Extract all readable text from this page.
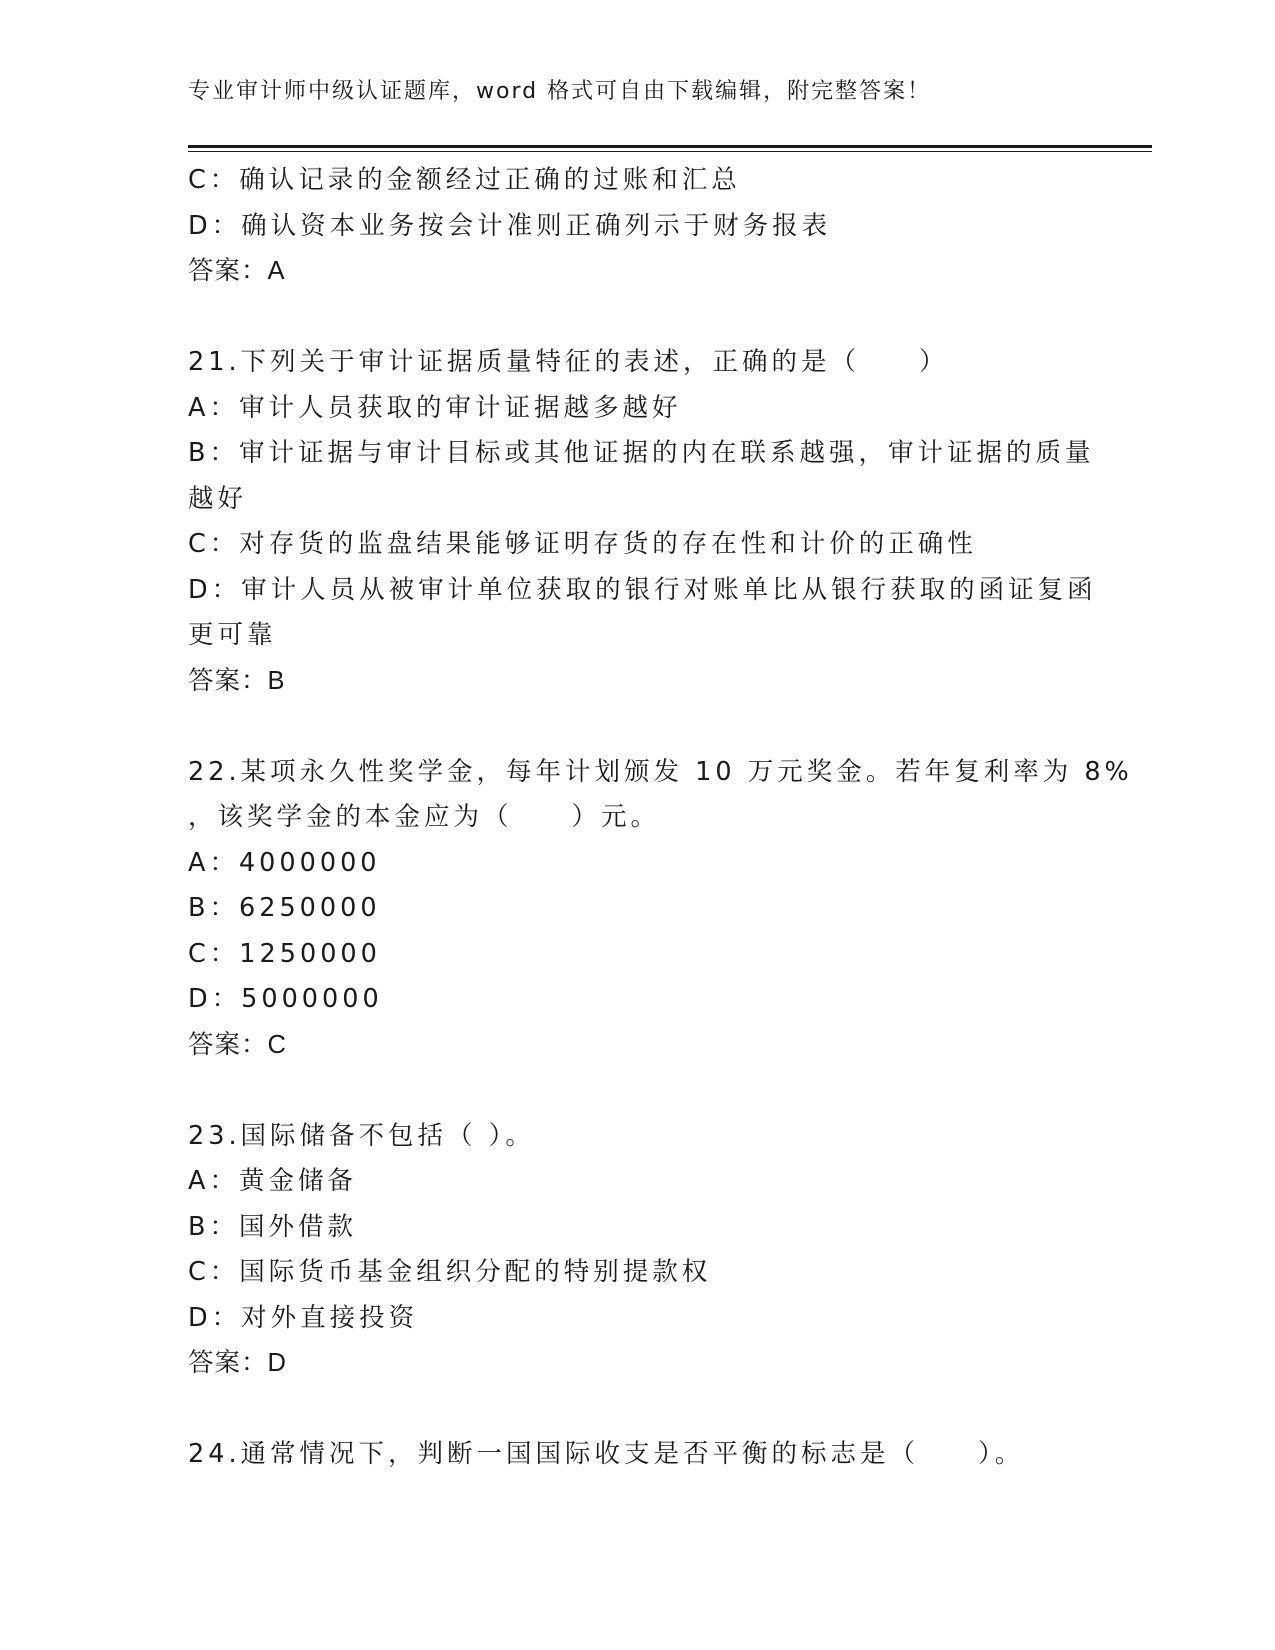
专业审计师中级认证题库，word 格式可自由下载编辑，附完整答案！

C：确认记录的金额经过正确的过账和汇总

D：确认资本业务按会计准则正确列示于财务报表

答案：A

21.下列关于审计证据质量特征的表述，正确的是（　　）

A：审计人员获取的审计证据越多越好

B：审计证据与审计目标或其他证据的内在联系越强，审计证据的质量

越好

C：对存货的监盘结果能够证明存货的存在性和计价的正确性

D：审计人员从被审计单位获取的银行对账单比从银行获取的函证复函

更可靠

答案：B

22.某项永久性奖学金，每年计划颁发 10 万元奖金。若年复利率为 8%

，该奖学金的本金应为（　　）元。

A：4000000

B：6250000

C：1250000

D：5000000

答案：C

23.国际储备不包括（ ）。

A：黄金储备

B：国外借款

C：国际货币基金组织分配的特别提款权

D：对外直接投资

答案：D

24.通常情况下，判断一国国际收支是否平衡的标志是（　　）。
